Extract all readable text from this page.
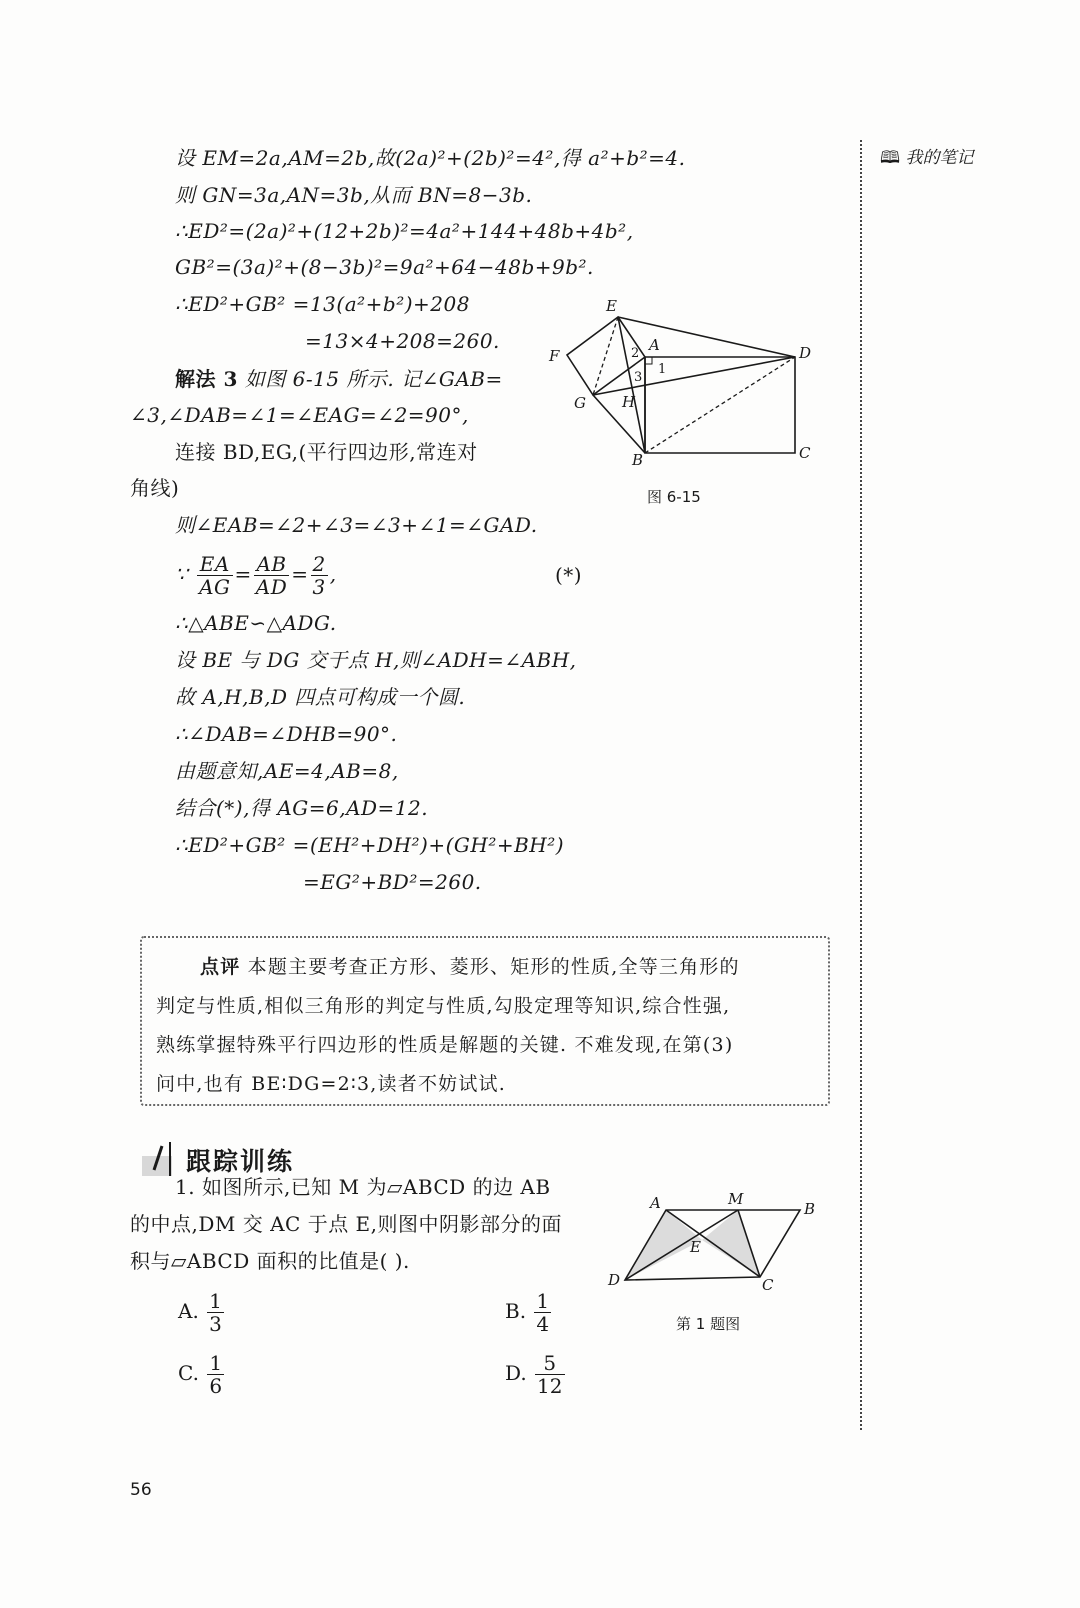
🕮 我的笔记
设 EM=2a,AM=2b,故(2a)²+(2b)²=4²,得 a²+b²=4.
则 GN=3a,AN=3b,从而 BN=8−3b.
∴ED²=(2a)²+(12+2b)²=4a²+144+48b+4b²,
GB²=(3a)²+(8−3b)²=9a²+64−48b+9b².
∴ED²+GB² =13(a²+b²)+208
=13×4+208=260.
解法 3 如图 6-15 所示. 记∠GAB=
∠3,∠DAB=∠1=∠EAG=∠2=90°,
连接 BD,EG,(平行四边形,常连对
角线)
则∠EAB=∠2+∠3=∠3+∠1=∠GAD.
∵ $\frac{EA}{AG} = \frac{AB}{AD} = \frac{2}{3}$ ,	(*)
∴△ABE∽△ADG.
设 BE 与 DG 交于点 H,则∠ADH=∠ABH,
故 A,H,B,D 四点可构成一个圆.
∴∠DAB=∠DHB=90°.
由题意知,AE=4,AB=8,
结合(*),得 AG=6,AD=12.
∴ED²+GB² =(EH²+DH²)+(GH²+BH²)
=EG²+BD²=260.
E
A	D
F
G H
B	C
2
1
3
图 6-15
点评 本题主要考查正方形、菱形、矩形的性质,全等三角形的
判定与性质,相似三角形的判定与性质,勾股定理等知识,综合性强,
熟练掌握特殊平行四边形的性质是解题的关键. 不难发现,在第(3)
问中,也有 BE∶DG=2∶3,读者不妨试试.
跟踪训练
1. 如图所示,已知 M 为▱ABCD 的边 AB
的中点,DM 交 AC 于点 E,则图中阴影部分的面
积与▱ABCD 面积的比值是( ).
A. $\frac{1}{3}$	B. $\frac{1}{4}$
C. $\frac{1}{6}$	D. $\frac{5}{12}$
A	M
B
E
D	C
第 1 题图
56
